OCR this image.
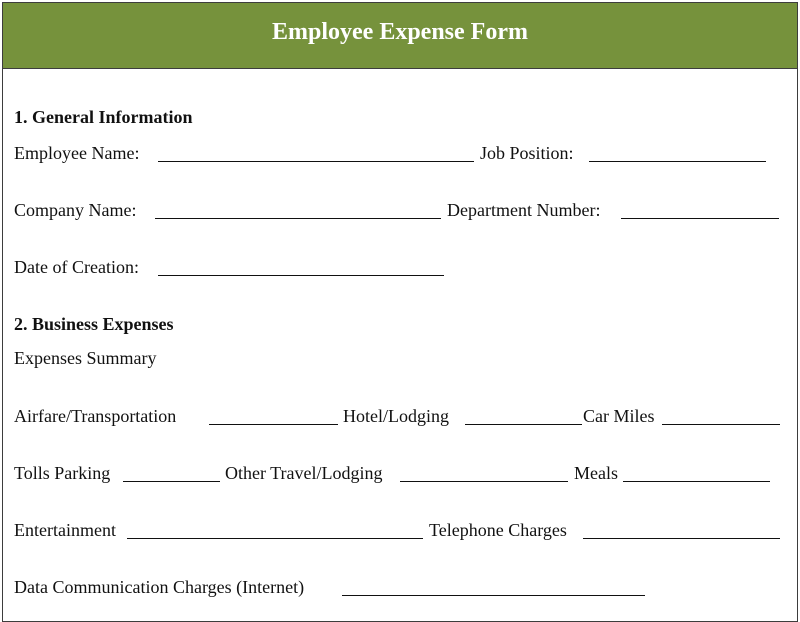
Employee Expense Form
1. General Information
Employee Name:	Job Position:
Company Name:	Department Number:
Date of Creation:
2. Business Expenses
Expenses Summary
Airfare/Transportation	Hotel/Lodging	Car Miles
Tolls Parking	Other Travel/Lodging	Meals
Entertainment	Telephone Charges
Data Communication Charges (Internet)
